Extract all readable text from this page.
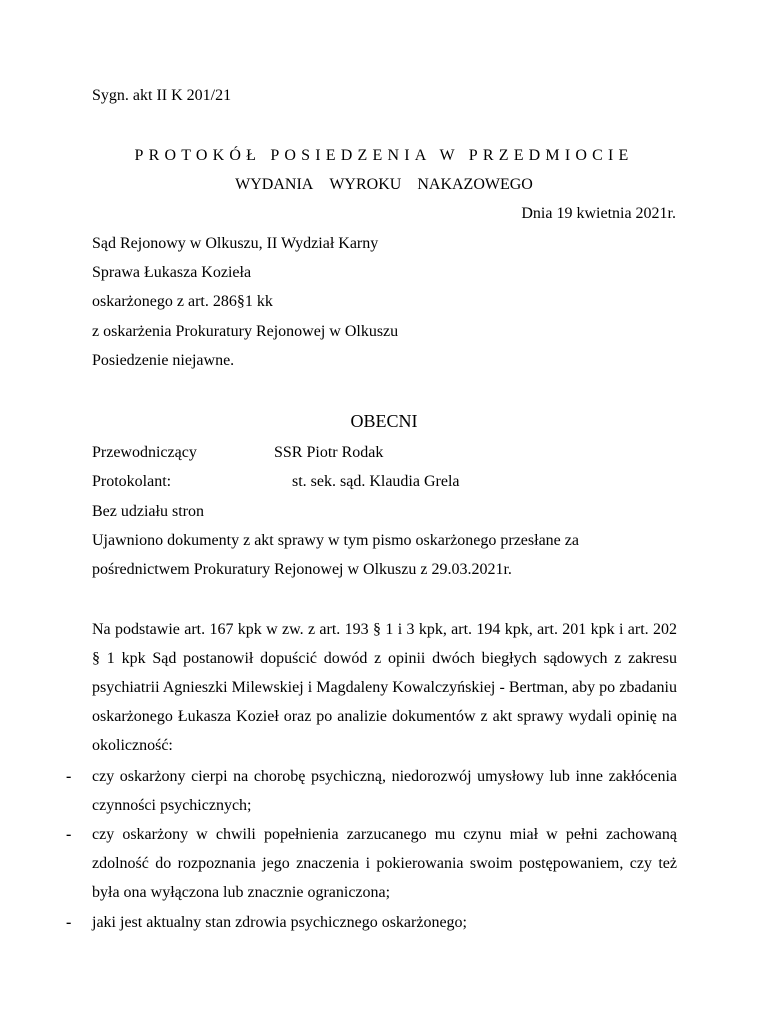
Sygn. akt II K 201/21
PROTOKÓŁ POSIEDZENIA W PRZEDMIOCIE
WYDANIA WYROKU NAKAZOWEGO
Dnia 19 kwietnia 2021r.
Sąd Rejonowy w Olkuszu, II Wydział Karny
Sprawa Łukasza Kozieła
oskarżonego z art. 286§1 kk
z oskarżenia Prokuratury Rejonowej w Olkuszu
Posiedzenie niejawne.
OBECNI
Przewodniczący	SSR Piotr Rodak
Protokolant:	st. sek. sąd. Klaudia Grela
Bez udziału stron
Ujawniono dokumenty z akt sprawy w tym pismo oskarżonego przesłane za pośrednictwem Prokuratury Rejonowej w Olkuszu z 29.03.2021r.
Na podstawie art. 167 kpk w zw. z art. 193 § 1 i 3 kpk, art. 194 kpk, art. 201 kpk i art. 202 § 1 kpk Sąd postanowił dopuścić dowód z opinii dwóch biegłych sądowych z zakresu psychiatrii Agnieszki Milewskiej i Magdaleny Kowalczyńskiej - Bertman, aby po zbadaniu oskarżonego Łukasza Kozieł oraz po analizie dokumentów z akt sprawy wydali opinię na okoliczność:
- czy oskarżony cierpi na chorobę psychiczną, niedorozwój umysłowy lub inne zakłócenia czynności psychicznych;
- czy oskarżony w chwili popełnienia zarzucanego mu czynu miał w pełni zachowaną zdolność do rozpoznania jego znaczenia i pokierowania swoim postępowaniem, czy też była ona wyłączona lub znacznie ograniczona;
- jaki jest aktualny stan zdrowia psychicznego oskarżonego;
